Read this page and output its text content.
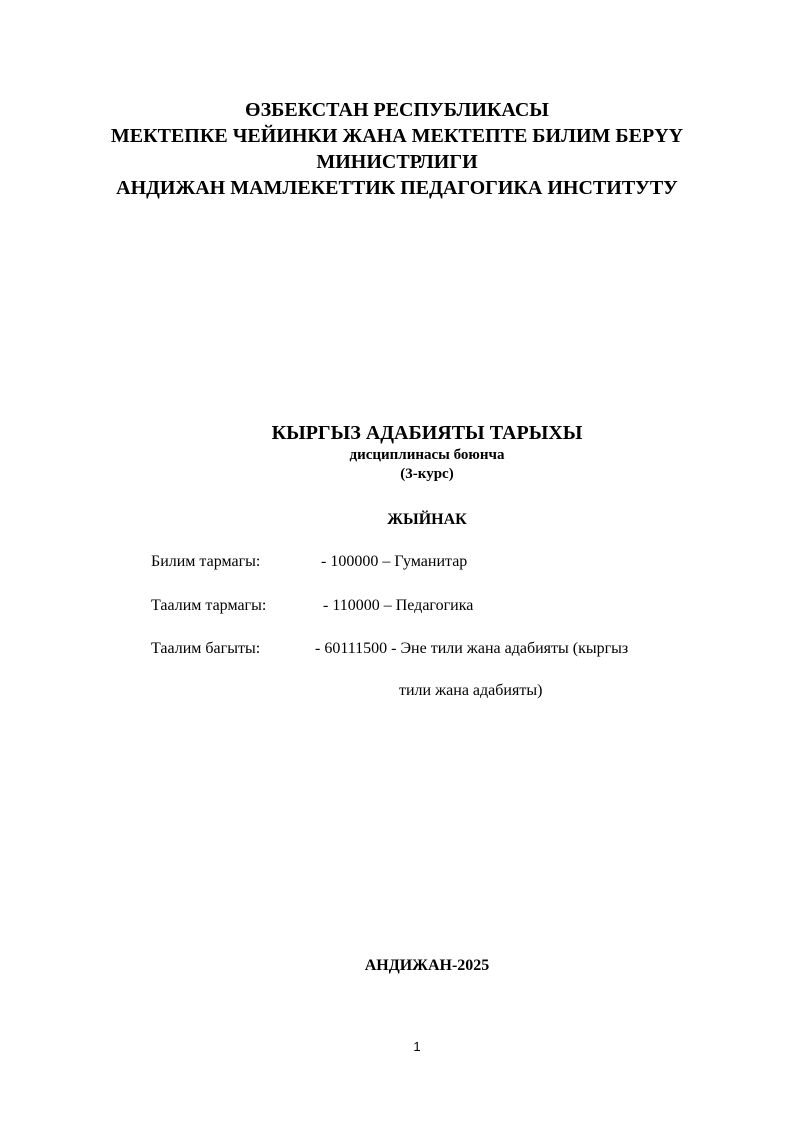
ӨЗБЕКСТАН РЕСПУБЛИКАСЫ
МЕКТЕПКЕ ЧЕЙИНКИ ЖАНА МЕКТЕПТЕ БИЛИМ БЕРҮҮ
МИНИСТРЛИГИ
АНДИЖАН МАМЛЕКЕТТИК ПЕДАГОГИКА ИНСТИТУТУ
КЫРГЫЗ АДАБИЯТЫ ТАРЫХЫ
дисциплинасы боюнча
(3-курс)
ЖЫЙНАК
Билим тармагы:	- 100000 – Гуманитар
Таалим тармагы:	- 110000 – Педагогика
Таалим багыты:	- 60111500 - Эне тили жана адабияты (кыргыз
тили жана адабияты)
АНДИЖАН-2025
1
